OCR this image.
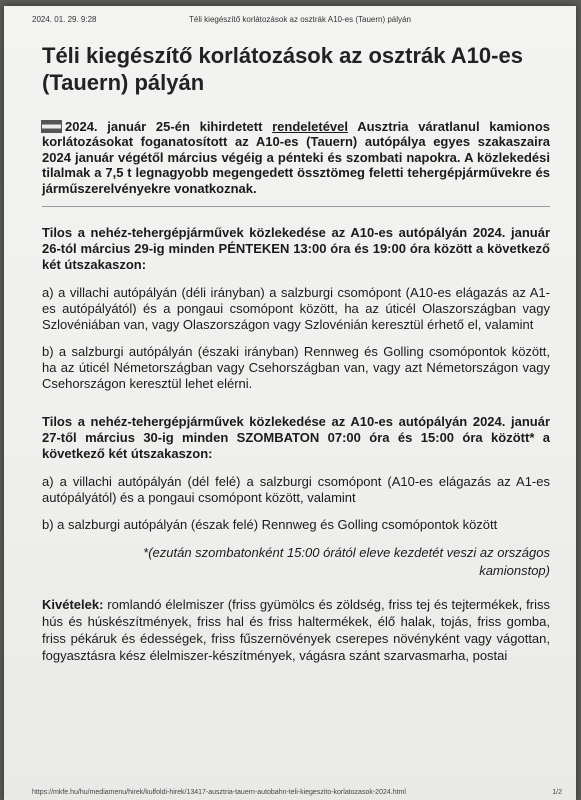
2024. 01. 29. 9:28	Téli kiegészítő korlátozások az osztrák A10-es (Tauern) pályán
Téli kiegészítő korlátozások az osztrák A10-es (Tauern) pályán

2024. január 25-én kihirdetett rendeletével Ausztria váratlanul kamionos korlátozásokat foganatosított az A10-es (Tauern) autópálya egyes szakaszaira 2024 január végétől március végéig a pénteki és szombati napokra. A közlekedési tilalmak a 7,5 t legnagyobb megengedett össztömeg feletti tehergépjárművekre és járműszerelvényekre vonatkoznak.

Tilos a nehéz-tehergépjárművek közlekedése az A10-es autópályán 2024. január 26-tól március 29-ig minden PÉNTEKEN 13:00 óra és 19:00 óra között a következő két útszakaszon:

a) a villachi autópályán (déli irányban) a salzburgi csomópont (A10-es elágazás az A1-es autópályától) és a pongaui csomópont között, ha az úticél Olaszországban vagy Szlovéniában van, vagy Olaszországon vagy Szlovénián keresztül érhető el, valamint

b) a salzburgi autópályán (északi irányban) Rennweg és Golling csomópontok között, ha az úticél Németországban vagy Csehországban van, vagy azt Németországon vagy Csehországon keresztül lehet elérni.

Tilos a nehéz-tehergépjárművek közlekedése az A10-es autópályán 2024. január 27-től március 30-ig minden SZOMBATON 07:00 óra és 15:00 óra között* a következő két útszakaszon:

a) a villachi autópályán (dél felé) a salzburgi csomópont (A10-es elágazás az A1-es autópályától) és a pongaui csomópont között, valamint

b) a salzburgi autópályán (észak felé) Rennweg és Golling csomópontok között

*(ezután szombatonként 15:00 órától eleve kezdetét veszi az országos kamionstop)

Kivételek: romlandó élelmiszer (friss gyümölcs és zöldség, friss tej és tejtermékek, friss hús és húskészítmények, friss hal és friss haltermékek, élő halak, tojás, friss gomba, friss pékáruk és édességek, friss fűszernövények cserepes növényként vagy vágottan, fogyasztásra kész élelmiszer-készítmények, vágásra szánt szarvasmarha, postai

https://mkfe.hu/hu/mediamenu/hirek/kulfoldi-hirek/13417-ausztria-tauern-autobahn-teli-kiegeszito-korlatozasok-2024.html	1/2
